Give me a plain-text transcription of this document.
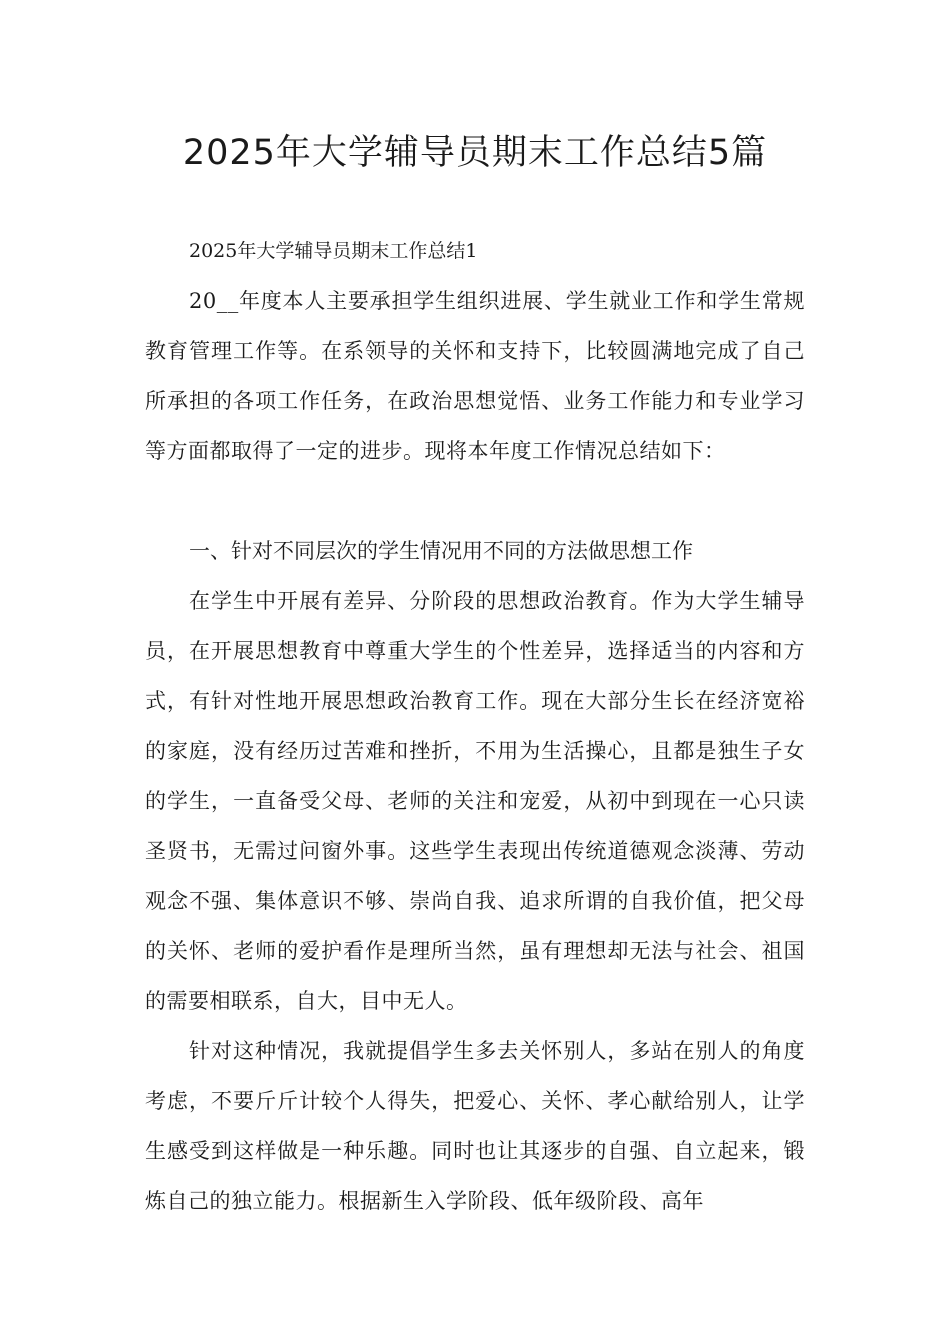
2025年大学辅导员期末工作总结5篇

2025年大学辅导员期末工作总结1

20__年度本人主要承担学生组织进展、学生就业工作和学生常规教育管理工作等。在系领导的关怀和支持下，比较圆满地完成了自己所承担的各项工作任务，在政治思想觉悟、业务工作能力和专业学习等方面都取得了一定的进步。现将本年度工作情况总结如下：

一、针对不同层次的学生情况用不同的方法做思想工作

在学生中开展有差异、分阶段的思想政治教育。作为大学生辅导员，在开展思想教育中尊重大学生的个性差异，选择适当的内容和方式，有针对性地开展思想政治教育工作。现在大部分生长在经济宽裕的家庭，没有经历过苦难和挫折，不用为生活操心，且都是独生子女的学生，一直备受父母、老师的关注和宠爱，从初中到现在一心只读圣贤书，无需过问窗外事。这些学生表现出传统道德观念淡薄、劳动观念不强、集体意识不够、崇尚自我、追求所谓的自我价值，把父母的关怀、老师的爱护看作是理所当然，虽有理想却无法与社会、祖国的需要相联系，自大，目中无人。

针对这种情况，我就提倡学生多去关怀别人，多站在别人的角度考虑，不要斤斤计较个人得失，把爱心、关怀、孝心献给别人，让学生感受到这样做是一种乐趣。同时也让其逐步的自强、自立起来，锻炼自己的独立能力。根据新生入学阶段、低年级阶段、高年
